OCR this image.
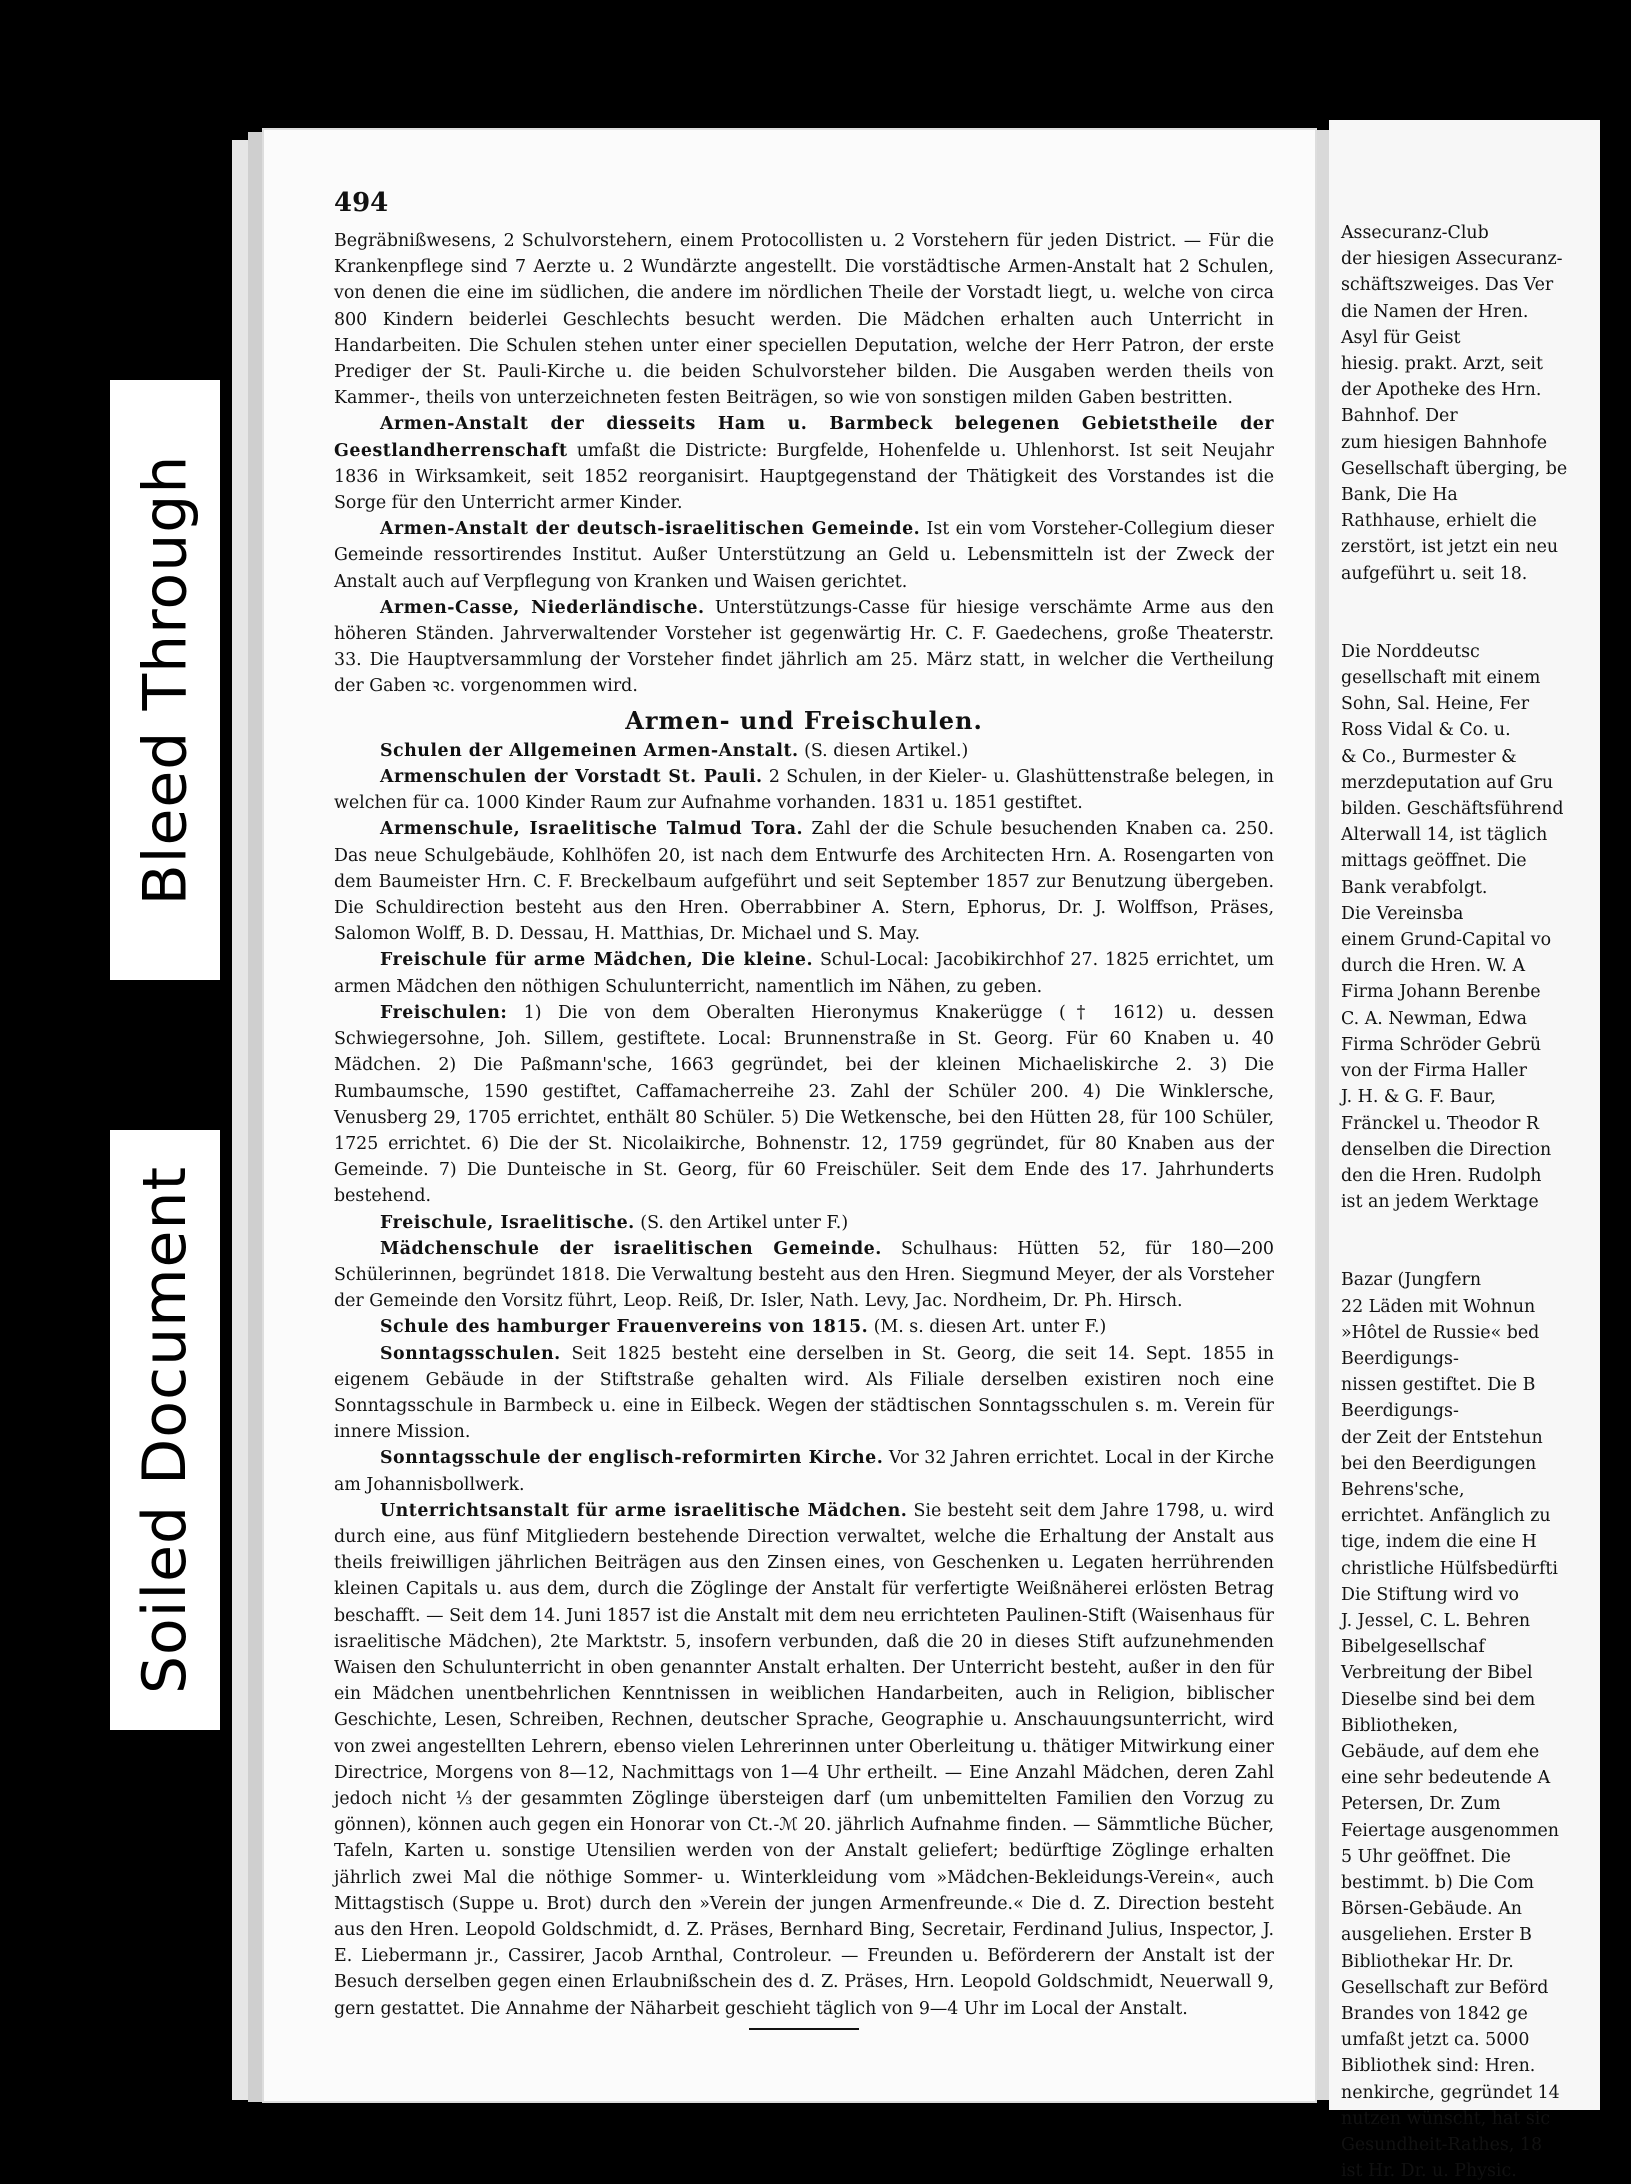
Bleed Through
Soiled Document
494

Begräbnißwesens, 2 Schulvorstehern, einem Protocollisten u. 2 Vorstehern für jeden District. — Für die Krankenpflege sind 7 Aerzte u. 2 Wundärzte angestellt. Die vorstädtische Armen-Anstalt hat 2 Schulen, von denen die eine im südlichen, die andere im nördlichen Theile der Vorstadt liegt, u. welche von circa 800 Kindern beiderlei Geschlechts besucht werden. Die Mädchen erhalten auch Unterricht in Handarbeiten. Die Schulen stehen unter einer speciellen Deputation, welche der Herr Patron, der erste Prediger der St. Pauli-Kirche u. die beiden Schulvorsteher bilden. Die Ausgaben werden theils von Kammer-, theils von unterzeichneten festen Beiträgen, so wie von sonstigen milden Gaben bestritten.

Armen-Anstalt der diesseits Ham u. Barmbeck belegenen Gebietstheile der Geestlandherrenschaft umfaßt die Districte: Burgfelde, Hohenfelde u. Uhlenhorst. Ist seit Neujahr 1836 in Wirksamkeit, seit 1852 reorganisirt. Hauptgegenstand der Thätigkeit des Vorstandes ist die Sorge für den Unterricht armer Kinder.

Armen-Anstalt der deutsch-israelitischen Gemeinde. Ist ein vom Vorsteher-Collegium dieser Gemeinde ressortirendes Institut. Außer Unterstützung an Geld u. Lebensmitteln ist der Zweck der Anstalt auch auf Verpflegung von Kranken und Waisen gerichtet.

Armen-Casse, Niederländische. Unterstützungs-Casse für hiesige verschämte Arme aus den höheren Ständen. Jahrverwaltender Vorsteher ist gegenwärtig Hr. C. F. Gaedechens, große Theaterstr. 33. Die Hauptversammlung der Vorsteher findet jährlich am 25. März statt, in welcher die Vertheilung der Gaben ꝛc. vorgenommen wird.

Armen- und Freischulen.

Schulen der Allgemeinen Armen-Anstalt. (S. diesen Artikel.)

Armenschulen der Vorstadt St. Pauli. 2 Schulen, in der Kieler- u. Glashüttenstraße belegen, in welchen für ca. 1000 Kinder Raum zur Aufnahme vorhanden. 1831 u. 1851 gestiftet.

Armenschule, Israelitische Talmud Tora. Zahl der die Schule besuchenden Knaben ca. 250. Das neue Schulgebäude, Kohlhöfen 20, ist nach dem Entwurfe des Architecten Hrn. A. Rosengarten von dem Baumeister Hrn. C. F. Breckelbaum aufgeführt und seit September 1857 zur Benutzung übergeben. Die Schuldirection besteht aus den Hren. Oberrabbiner A. Stern, Ephorus, Dr. J. Wolffson, Präses, Salomon Wolff, B. D. Dessau, H. Matthias, Dr. Michael und S. May.

Freischule für arme Mädchen, Die kleine. Schul-Local: Jacobikirchhof 27. 1825 errichtet, um armen Mädchen den nöthigen Schulunterricht, namentlich im Nähen, zu geben.

Freischulen: 1) Die von dem Oberalten Hieronymus Knakerügge († 1612) u. dessen Schwiegersohne, Joh. Sillem, gestiftete. Local: Brunnenstraße in St. Georg. Für 60 Knaben u. 40 Mädchen. 2) Die Paßmann'sche, 1663 gegründet, bei der kleinen Michaeliskirche 2. 3) Die Rumbaumsche, 1590 gestiftet, Caffamacherreihe 23. Zahl der Schüler 200. 4) Die Winklersche, Venusberg 29, 1705 errichtet, enthält 80 Schüler. 5) Die Wetkensche, bei den Hütten 28, für 100 Schüler, 1725 errichtet. 6) Die der St. Nicolaikirche, Bohnenstr. 12, 1759 gegründet, für 80 Knaben aus der Gemeinde. 7) Die Dunteische in St. Georg, für 60 Freischüler. Seit dem Ende des 17. Jahrhunderts bestehend.

Freischule, Israelitische. (S. den Artikel unter F.)

Mädchenschule der israelitischen Gemeinde. Schulhaus: Hütten 52, für 180—200 Schülerinnen, begründet 1818. Die Verwaltung besteht aus den Hren. Siegmund Meyer, der als Vorsteher der Gemeinde den Vorsitz führt, Leop. Reiß, Dr. Isler, Nath. Levy, Jac. Nordheim, Dr. Ph. Hirsch.

Schule des hamburger Frauenvereins von 1815. (M. s. diesen Art. unter F.)

Sonntagsschulen. Seit 1825 besteht eine derselben in St. Georg, die seit 14. Sept. 1855 in eigenem Gebäude in der Stiftstraße gehalten wird. Als Filiale derselben existiren noch eine Sonntagsschule in Barmbeck u. eine in Eilbeck. Wegen der städtischen Sonntagsschulen s. m. Verein für innere Mission.

Sonntagsschule der englisch-reformirten Kirche. Vor 32 Jahren errichtet. Local in der Kirche am Johannisbollwerk.

Unterrichtsanstalt für arme israelitische Mädchen. Sie besteht seit dem Jahre 1798, u. wird durch eine, aus fünf Mitgliedern bestehende Direction verwaltet, welche die Erhaltung der Anstalt aus theils freiwilligen jährlichen Beiträgen aus den Zinsen eines, von Geschenken u. Legaten herrührenden kleinen Capitals u. aus dem, durch die Zöglinge der Anstalt für verfertigte Weißnäherei erlösten Betrag beschafft. — Seit dem 14. Juni 1857 ist die Anstalt mit dem neu errichteten Paulinen-Stift (Waisenhaus für israelitische Mädchen), 2te Marktstr. 5, insofern verbunden, daß die 20 in dieses Stift aufzunehmenden Waisen den Schulunterricht in oben genannter Anstalt erhalten. Der Unterricht besteht, außer in den für ein Mädchen unentbehrlichen Kenntnissen in weiblichen Handarbeiten, auch in Religion, biblischer Geschichte, Lesen, Schreiben, Rechnen, deutscher Sprache, Geographie u. Anschauungsunterricht, wird von zwei angestellten Lehrern, ebenso vielen Lehrerinnen unter Oberleitung u. thätiger Mitwirkung einer Directrice, Morgens von 8—12, Nachmittags von 1—4 Uhr ertheilt. — Eine Anzahl Mädchen, deren Zahl jedoch nicht ⅓ der gesammten Zöglinge übersteigen darf (um unbemittelten Familien den Vorzug zu gönnen), können auch gegen ein Honorar von Ct.-ℳ 20. jährlich Aufnahme finden. — Sämmtliche Bücher, Tafeln, Karten u. sonstige Utensilien werden von der Anstalt geliefert; bedürftige Zöglinge erhalten jährlich zwei Mal die nöthige Sommer- u. Winterkleidung vom »Mädchen-Bekleidungs-Verein«, auch Mittagstisch (Suppe u. Brot) durch den »Verein der jungen Armenfreunde.« Die d. Z. Direction besteht aus den Hren. Leopold Goldschmidt, d. Z. Präses, Bernhard Bing, Secretair, Ferdinand Julius, Inspector, J. E. Liebermann jr., Cassirer, Jacob Arnthal, Controleur. — Freunden u. Beförderern der Anstalt ist der Besuch derselben gegen einen Erlaubnißschein des d. Z. Präses, Hrn. Leopold Goldschmidt, Neuerwall 9, gern gestattet. Die Annahme der Näharbeit geschieht täglich von 9—4 Uhr im Local der Anstalt.

Assecuranz-Club
der hiesigen Assecuranz-
schäftszweiges. Das Ver
die Namen der Hren.
Asyl für Geist
hiesig. prakt. Arzt, seit
der Apotheke des Hrn.
Bahnhof. Der
zum hiesigen Bahnhofe
Gesellschaft überging, be
Bank, Die Ha
Rathhause, erhielt die
zerstört, ist jetzt ein neu
aufgeführt u. seit 18.
Die Norddeutsc
gesellschaft mit einem
Sohn, Sal. Heine, Fer
Ross Vidal & Co. u.
& Co., Burmester &
merzdeputation auf Gru
bilden. Geschäftsführend
Alterwall 14, ist täglich
mittags geöffnet. Die
Bank verabfolgt.
Die Vereinsba
einem Grund-Capital vo
durch die Hren. W. A
Firma Johann Berenbe
C. A. Newman, Edwa
Firma Schröder Gebrü
von der Firma Haller
J. H. & G. F. Baur,
Fränckel u. Theodor R
denselben die Direction
den die Hren. Rudolph
ist an jedem Werktage
Bazar (Jungfern
22 Läden mit Wohnun
»Hôtel de Russie« bed
Beerdigungs-
nissen gestiftet. Die B
Beerdigungs-
der Zeit der Entstehun
bei den Beerdigungen
Behrens'sche,
errichtet. Anfänglich zu
tige, indem die eine H
christliche Hülfsbedürfti
Die Stiftung wird vo
J. Jessel, C. L. Behren
Bibelgesellschaf
Verbreitung der Bibel
Dieselbe sind bei dem
Bibliotheken,
Gebäude, auf dem ehe
eine sehr bedeutende A
Petersen, Dr. Zum
Feiertage ausgenommen
5 Uhr geöffnet. Die
bestimmt. b) Die Com
Börsen-Gebäude. An
ausgeliehen. Erster B
Bibliothekar Hr. Dr.
Gesellschaft zur Beförd
Brandes von 1842 ge
umfaßt jetzt ca. 5000
Bibliothek sind: Hren.
nenkirche, gegründet 14
nutzen wünscht, hat sic
Gesundheit-Rathes, 18
ist Hr. Dr. u. Physic.
